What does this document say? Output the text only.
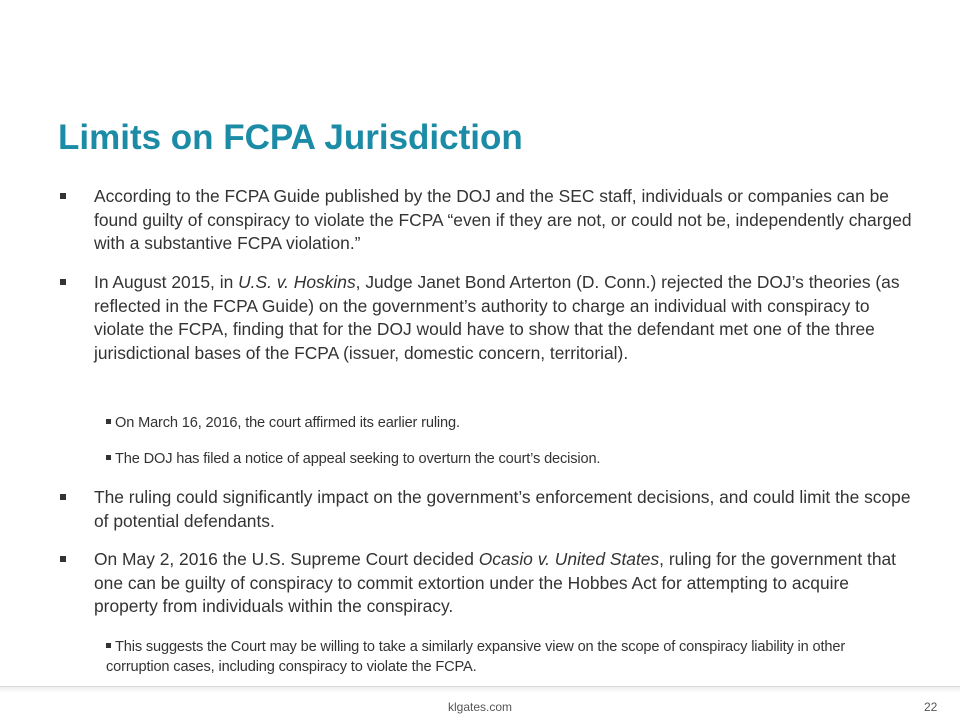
Limits on FCPA Jurisdiction
According to the FCPA Guide published by the DOJ and the SEC staff, individuals or companies can be found guilty of conspiracy to violate the FCPA “even if they are not, or could not be, independently charged with a substantive FCPA violation.”
In August 2015, in U.S. v. Hoskins, Judge Janet Bond Arterton (D. Conn.) rejected the DOJ’s theories (as reflected in the FCPA Guide) on the government’s authority to charge an individual with conspiracy to violate the FCPA, finding that for the DOJ would have to show that the defendant met one of the three jurisdictional bases of the FCPA (issuer, domestic concern, territorial).
On March 16, 2016, the court affirmed its earlier ruling.
The DOJ has filed a notice of appeal seeking to overturn the court’s decision.
The ruling could significantly impact on the government’s enforcement decisions, and could limit the scope of potential defendants.
On May 2, 2016 the U.S. Supreme Court decided Ocasio v. United States, ruling for the government that one can be guilty of conspiracy to commit extortion under the Hobbes Act for attempting to acquire property from individuals within the conspiracy.
This suggests the Court may be willing to take a similarly expansive view on the scope of conspiracy liability in other corruption cases, including conspiracy to violate the FCPA.
klgates.com	22
